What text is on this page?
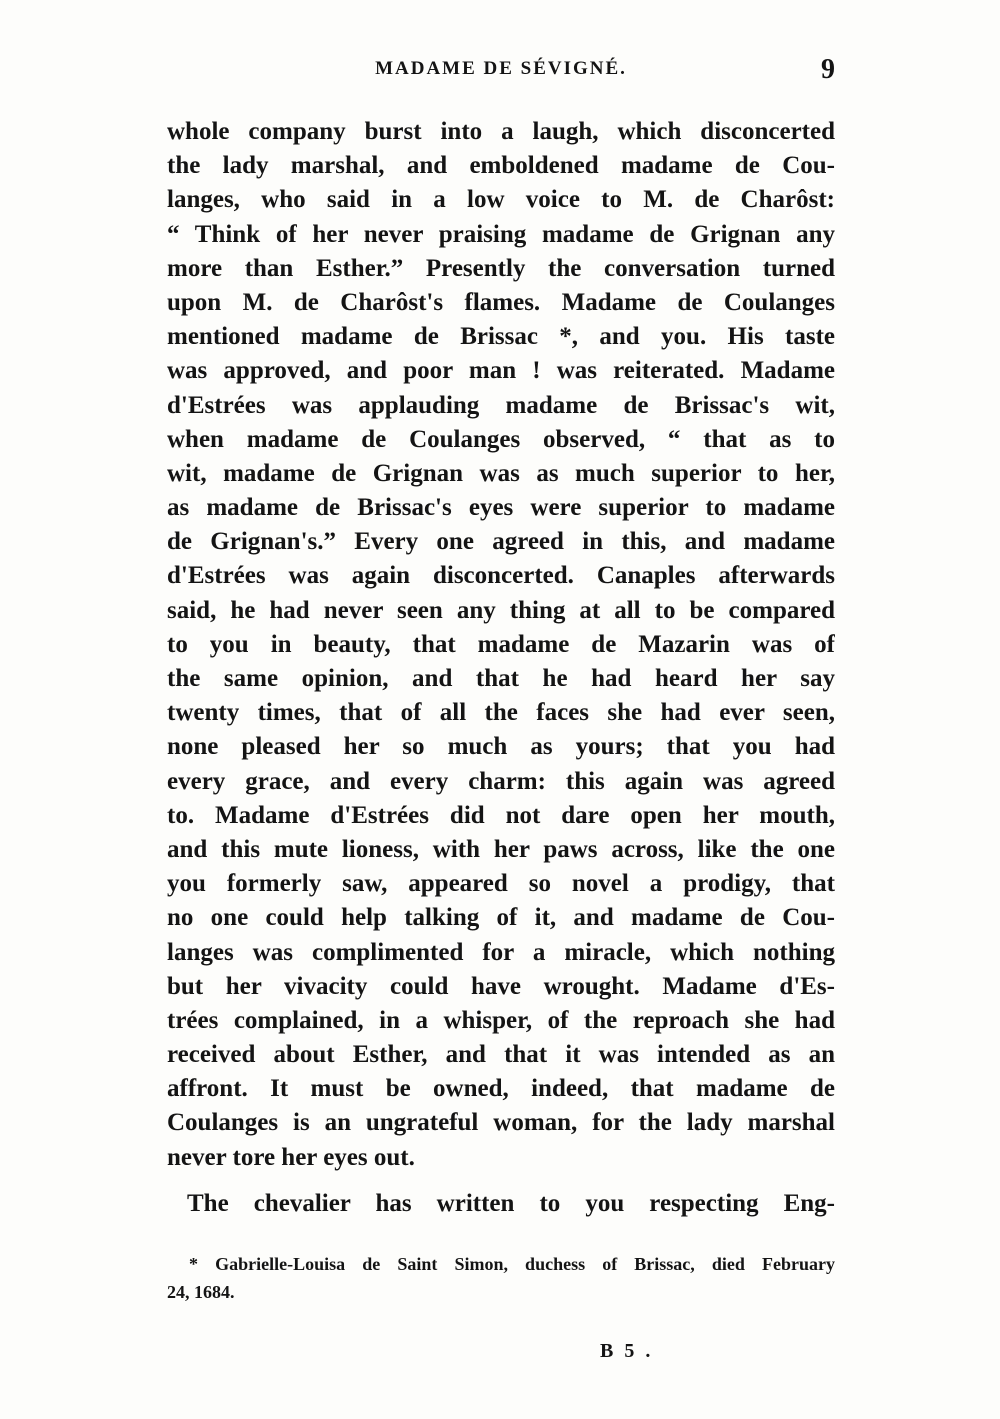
MADAME DE SÉVIGNÉ.	9
whole company burst into a laugh, which disconcerted
the lady marshal, and emboldened madame de Cou-
langes, who said in a low voice to M. de Charôst:
“ Think of her never praising madame de Grignan any
more than Esther.” Presently the conversation turned
upon M. de Charôst's flames. Madame de Coulanges
mentioned madame de Brissac *, and you. His taste
was approved, and poor man ! was reiterated. Madame
d'Estrées was applauding madame de Brissac's wit,
when madame de Coulanges observed, “ that as to
wit, madame de Grignan was as much superior to her,
as madame de Brissac's eyes were superior to madame
de Grignan's.” Every one agreed in this, and madame
d'Estrées was again disconcerted. Canaples afterwards
said, he had never seen any thing at all to be compared
to you in beauty, that madame de Mazarin was of
the same opinion, and that he had heard her say
twenty times, that of all the faces she had ever seen,
none pleased her so much as yours; that you had
every grace, and every charm: this again was agreed
to. Madame d'Estrées did not dare open her mouth,
and this mute lioness, with her paws across, like the one
you formerly saw, appeared so novel a prodigy, that
no one could help talking of it, and madame de Cou-
langes was complimented for a miracle, which nothing
but her vivacity could have wrought. Madame d'Es-
trées complained, in a whisper, of the reproach she had
received about Esther, and that it was intended as an
affront. It must be owned, indeed, that madame de
Coulanges is an ungrateful woman, for the lady marshal
never tore her eyes out.
The chevalier has written to you respecting Eng-
* Gabrielle-Louisa de Saint Simon, duchess of Brissac, died February
24, 1684.
B 5 .
